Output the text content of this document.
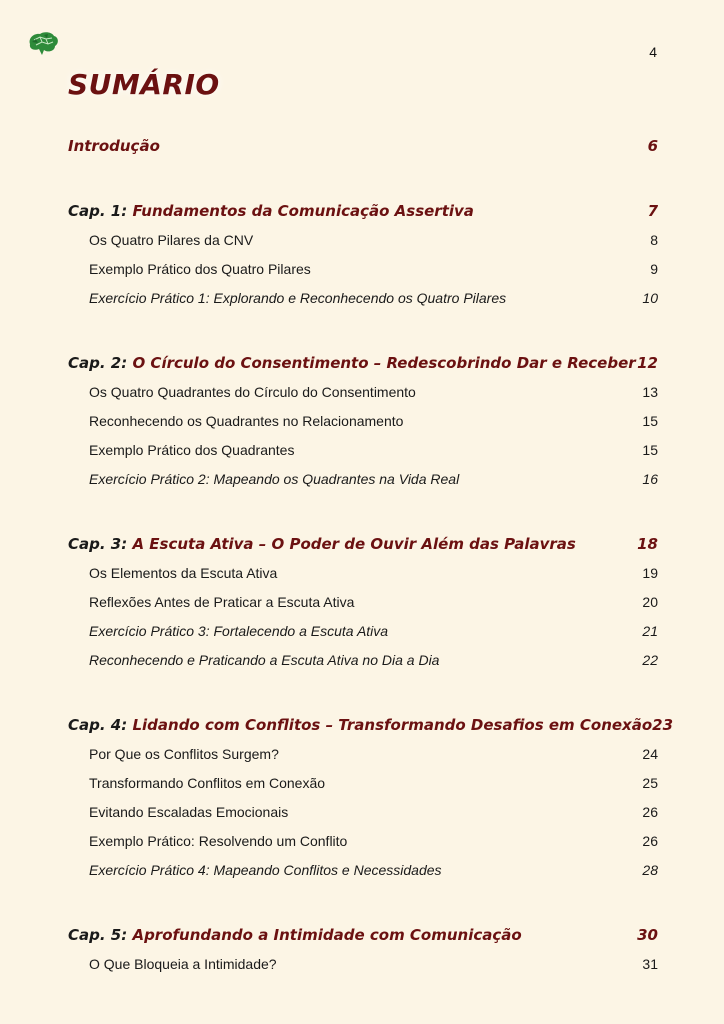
4
SUMÁRIO
Introdução	6
Cap. 1: Fundamentos da Comunicação Assertiva	7
Os Quatro Pilares da CNV	8
Exemplo Prático dos Quatro Pilares	9
Exercício Prático 1: Explorando e Reconhecendo os Quatro Pilares	10
Cap. 2: O Círculo do Consentimento – Redescobrindo Dar e Receber 12
Os Quatro Quadrantes do Círculo do Consentimento	13
Reconhecendo os Quadrantes no Relacionamento	15
Exemplo Prático dos Quadrantes	15
Exercício Prático 2: Mapeando os Quadrantes na Vida Real	16
Cap. 3: A Escuta Ativa – O Poder de Ouvir Além das Palavras	18
Os Elementos da Escuta Ativa	19
Reflexões Antes de Praticar a Escuta Ativa	20
Exercício Prático 3: Fortalecendo a Escuta Ativa	21
Reconhecendo e Praticando a Escuta Ativa no Dia a Dia	22
Cap. 4: Lidando com Conflitos – Transformando Desafios em Conexão 23
Por Que os Conflitos Surgem?	24
Transformando Conflitos em Conexão	25
Evitando Escaladas Emocionais	26
Exemplo Prático: Resolvendo um Conflito	26
Exercício Prático 4: Mapeando Conflitos e Necessidades	28
Cap. 5: Aprofundando a Intimidade com Comunicação	30
O Que Bloqueia a Intimidade?	31
